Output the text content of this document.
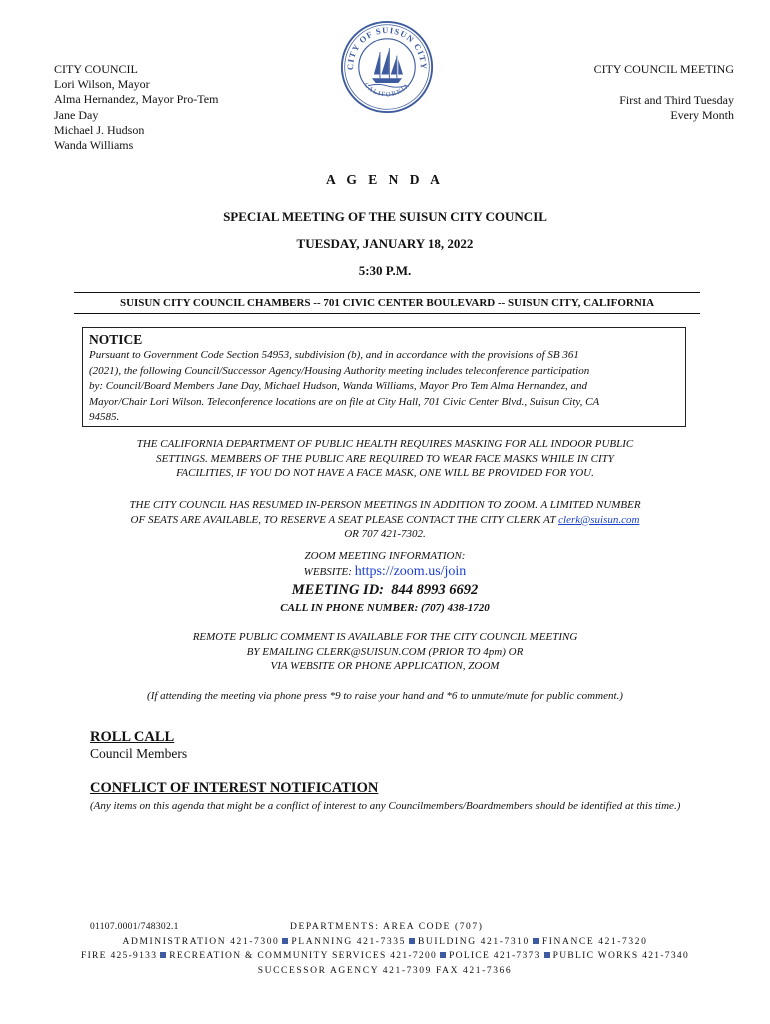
CITY COUNCIL
Lori Wilson, Mayor
Alma Hernandez, Mayor Pro-Tem
Jane Day
Michael J. Hudson
Wanda Williams
CITY OF SUISUN CITY
CALIFORNIA
CITY COUNCIL MEETING
First and Third Tuesday
Every Month
A G E N D A
SPECIAL MEETING OF THE SUISUN CITY COUNCIL
TUESDAY, JANUARY 18, 2022
5:30 P.M.
SUISUN CITY COUNCIL CHAMBERS -- 701 CIVIC CENTER BOULEVARD -- SUISUN CITY, CALIFORNIA
NOTICE
Pursuant to Government Code Section 54953, subdivision (b), and in accordance with the provisions of SB 361
(2021), the following Council/Successor Agency/Housing Authority meeting includes teleconference participation
by: Council/Board Members Jane Day, Michael Hudson, Wanda Williams, Mayor Pro Tem Alma Hernandez, and
Mayor/Chair Lori Wilson. Teleconference locations are on file at City Hall, 701 Civic Center Blvd., Suisun City, CA
94585.
THE CALIFORNIA DEPARTMENT OF PUBLIC HEALTH REQUIRES MASKING FOR ALL INDOOR PUBLIC
SETTINGS. MEMBERS OF THE PUBLIC ARE REQUIRED TO WEAR FACE MASKS WHILE IN CITY
FACILITIES, IF YOU DO NOT HAVE A FACE MASK, ONE WILL BE PROVIDED FOR YOU.
THE CITY COUNCIL HAS RESUMED IN-PERSON MEETINGS IN ADDITION TO ZOOM. A LIMITED NUMBER
OF SEATS ARE AVAILABLE, TO RESERVE A SEAT PLEASE CONTACT THE CITY CLERK AT clerk@suisun.com
OR 707 421-7302.
ZOOM MEETING INFORMATION:
WEBSITE: https://zoom.us/join
MEETING ID: 844 8993 6692
CALL IN PHONE NUMBER: (707) 438-1720
REMOTE PUBLIC COMMENT IS AVAILABLE FOR THE CITY COUNCIL MEETING
BY EMAILING CLERK@SUISUN.COM (PRIOR TO 4pm) OR
VIA WEBSITE OR PHONE APPLICATION, ZOOM
(If attending the meeting via phone press *9 to raise your hand and *6 to unmute/mute for public comment.)
ROLL CALL
Council Members
CONFLICT OF INTEREST NOTIFICATION
(Any items on this agenda that might be a conflict of interest to any Councilmembers/Boardmembers should be identified at this time.)
01107.0001/748302.1	DEPARTMENTS: AREA CODE (707)
ADMINISTRATION 421-7300 PLANNING 421-7335 BUILDING 421-7310 FINANCE 421-7320
FIRE 425-9133 RECREATION & COMMUNITY SERVICES 421-7200 POLICE 421-7373 PUBLIC WORKS 421-7340
SUCCESSOR AGENCY 421-7309 FAX 421-7366
